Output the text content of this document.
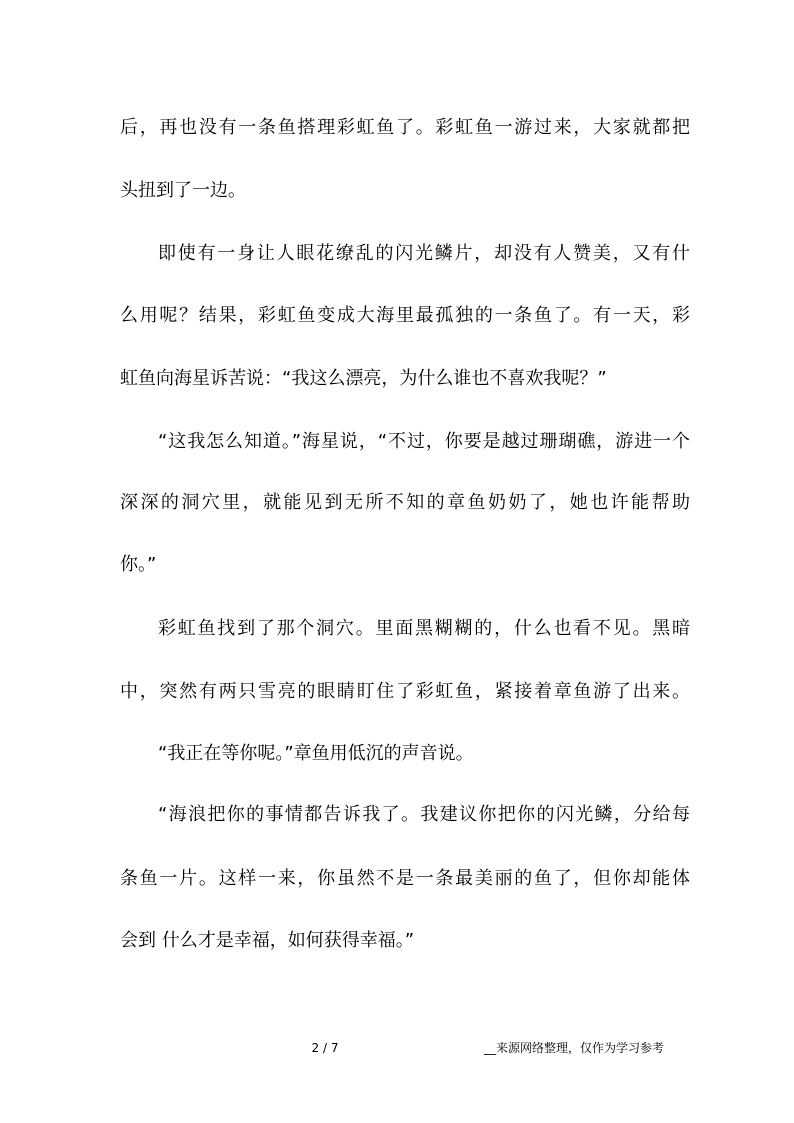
后，再也没有一条鱼搭理彩虹鱼了。彩虹鱼一游过来，大家就都把
头扭到了一边。
即使有一身让人眼花缭乱的闪光鳞片，却没有人赞美，又有什
么用呢？结果，彩虹鱼变成大海里最孤独的一条鱼了。有一天，彩
虹鱼向海星诉苦说：“我这么漂亮，为什么谁也不喜欢我呢？”
“这我怎么知道。”海星说，“不过，你要是越过珊瑚礁，游进一个
深深的洞穴里，就能见到无所不知的章鱼奶奶了，她也许能帮助
你。”
彩虹鱼找到了那个洞穴。里面黑糊糊的，什么也看不见。黑暗
中，突然有两只雪亮的眼睛盯住了彩虹鱼，紧接着章鱼游了出来。
“我正在等你呢。”章鱼用低沉的声音说。
“海浪把你的事情都告诉我了。我建议你把你的闪光鳞，分给每
条鱼一片。这样一来，你虽然不是一条最美丽的鱼了，但你却能体
会到 什么才是幸福，如何获得幸福。”
2 / 7	__来源网络整理，仅作为学习参考
